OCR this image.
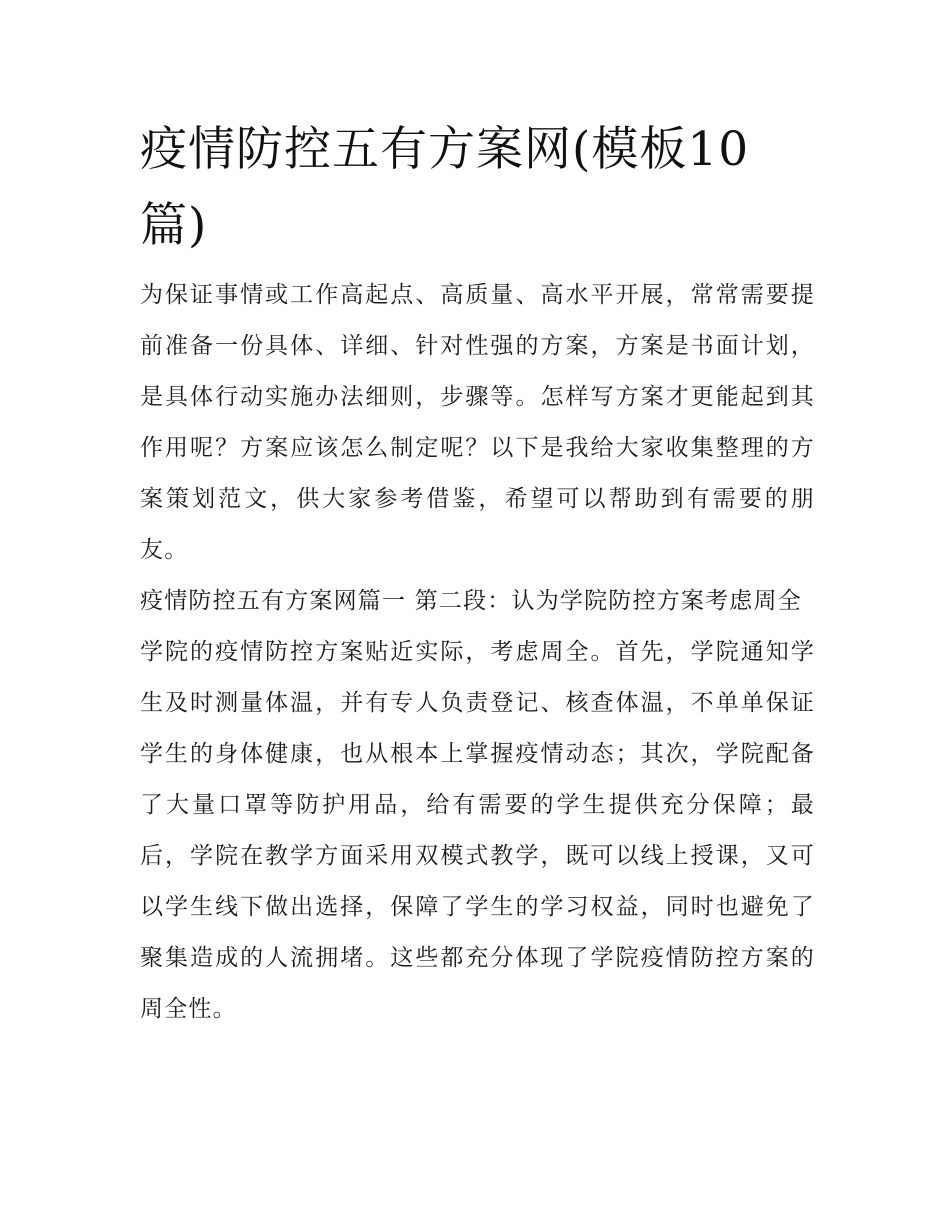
疫情防控五有方案网(模板10篇)

为保证事情或工作高起点、高质量、高水平开展，常常需要提前准备一份具体、详细、针对性强的方案，方案是书面计划，是具体行动实施办法细则，步骤等。怎样写方案才更能起到其作用呢？方案应该怎么制定呢？以下是我给大家收集整理的方案策划范文，供大家参考借鉴，希望可以帮助到有需要的朋友。

疫情防控五有方案网篇一 第二段：认为学院防控方案考虑周全

学院的疫情防控方案贴近实际，考虑周全。首先，学院通知学生及时测量体温，并有专人负责登记、核查体温，不单单保证学生的身体健康，也从根本上掌握疫情动态；其次，学院配备了大量口罩等防护用品，给有需要的学生提供充分保障；最后，学院在教学方面采用双模式教学，既可以线上授课，又可以学生线下做出选择，保障了学生的学习权益，同时也避免了聚集造成的人流拥堵。这些都充分体现了学院疫情防控方案的周全性。
